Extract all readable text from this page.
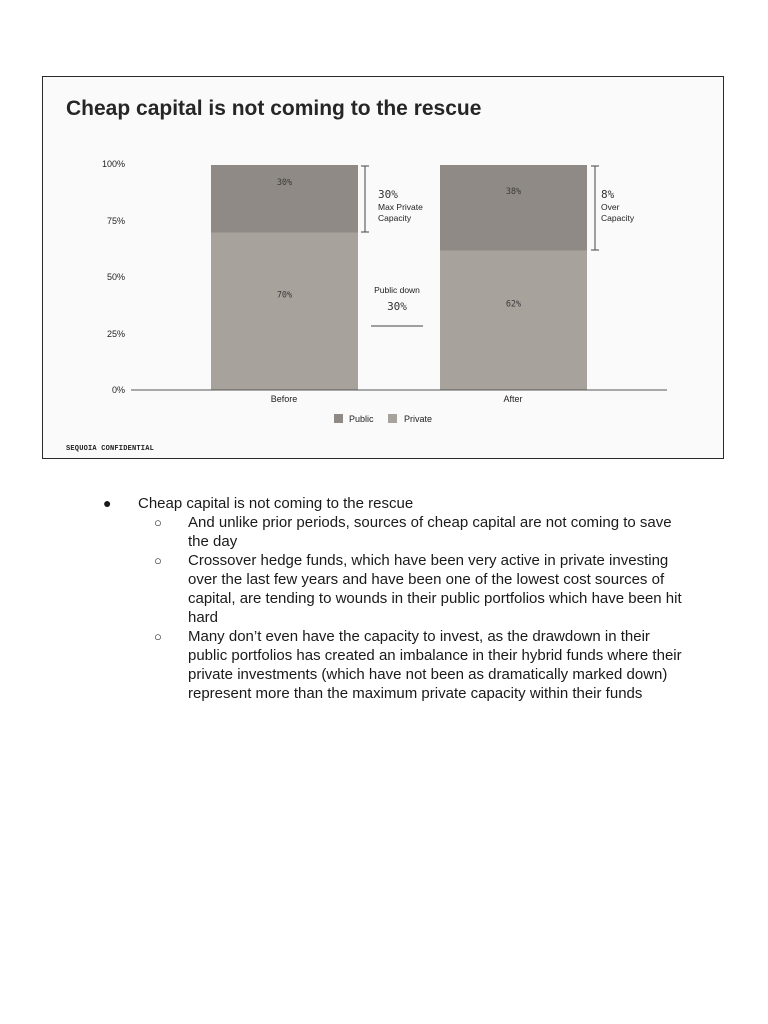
Cheap capital is not coming to the rescue
100%
75%
50%
25%
0%
70%
30%
62%
38%
Before	After
30%
Max Private
Capacity
Public down
30%
8%
Over
Capacity
Public	Private
SEQUOIA CONFIDENTIAL
● Cheap capital is not coming to the rescue
○ And unlike prior periods, sources of cheap capital are not coming to save the day
○ Crossover hedge funds, which have been very active in private investing over the last few years and have been one of the lowest cost sources of capital, are tending to wounds in their public portfolios which have been hit hard
○ Many don’t even have the capacity to invest, as the drawdown in their public portfolios has created an imbalance in their hybrid funds where their private investments (which have not been as dramatically marked down) represent more than the maximum private capacity within their funds
